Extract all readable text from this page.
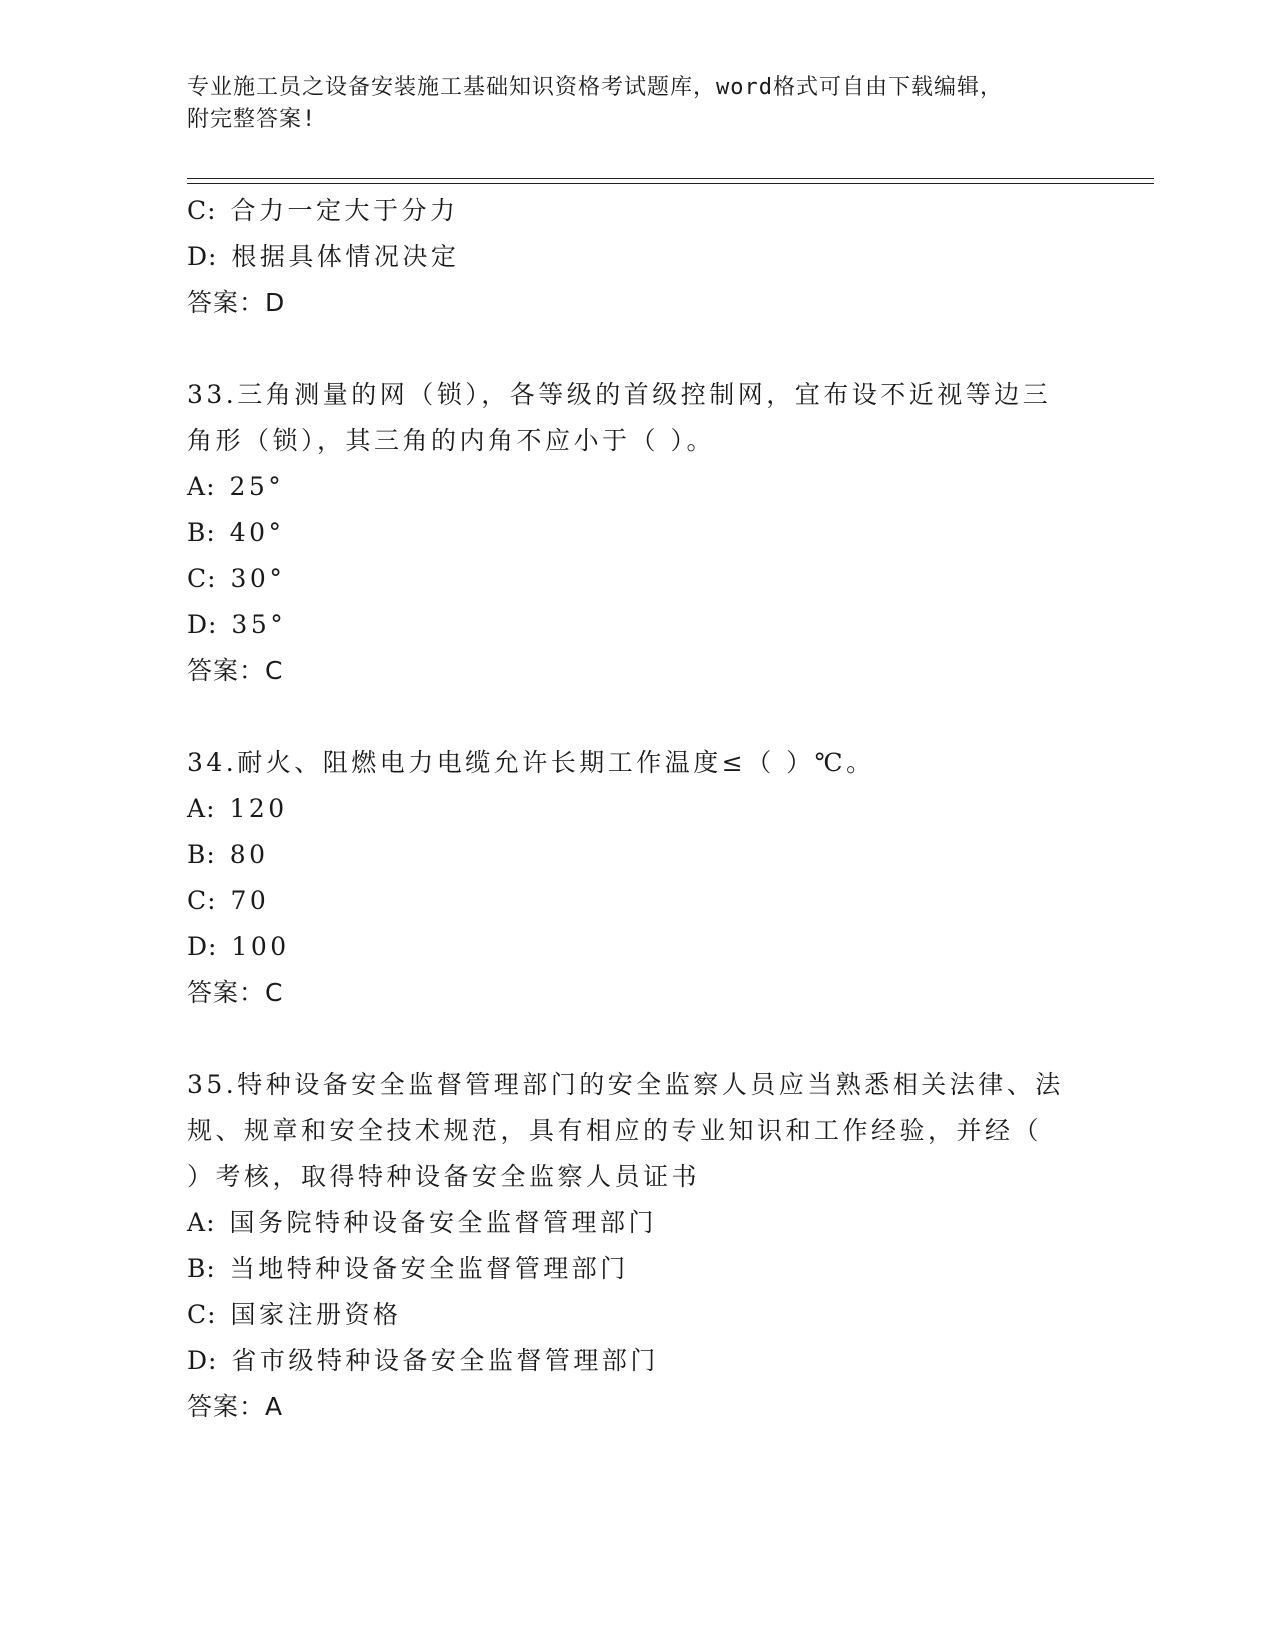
专业施工员之设备安装施工基础知识资格考试题库，word格式可自由下载编辑，
附完整答案!

C: 合力一定大于分力

D: 根据具体情况决定

答案：D

33.三角测量的网（锁），各等级的首级控制网，宜布设不近视等边三

角形（锁），其三角的内角不应小于（ ）。

A: 25°

B: 40°

C: 30°

D: 35°

答案：C

34.耐火、阻燃电力电缆允许长期工作温度≤（ ）℃。

A: 120

B: 80

C: 70

D: 100

答案：C

35.特种设备安全监督管理部门的安全监察人员应当熟悉相关法律、法

规、规章和安全技术规范，具有相应的专业知识和工作经验，并经（

）考核，取得特种设备安全监察人员证书

A: 国务院特种设备安全监督管理部门

B: 当地特种设备安全监督管理部门

C: 国家注册资格

D: 省市级特种设备安全监督管理部门

答案：A
